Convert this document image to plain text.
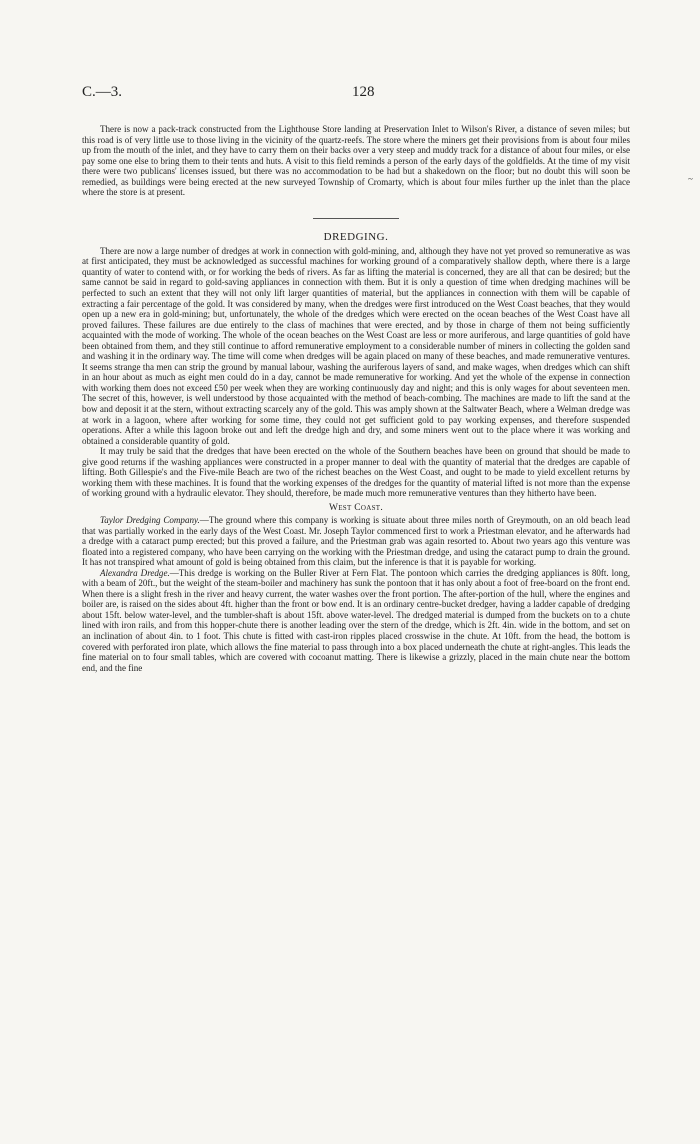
C.—3.	128

There is now a pack-track constructed from the Lighthouse Store landing at Preservation Inlet to Wilson's River, a distance of seven miles; but this road is of very little use to those living in the vicinity of the quartz-reefs. The store where the miners get their provisions from is about four miles up from the mouth of the inlet, and they have to carry them on their backs over a very steep and muddy track for a distance of about four miles, or else pay some one else to bring them to their tents and huts. A visit to this field reminds a person of the early days of the goldfields. At the time of my visit there were two publicans' licenses issued, but there was no accommodation to be had but a shakedown on the floor; but no doubt this will soon be remedied, as buildings were being erected at the new surveyed Township of Cromarty, which is about four miles further up the inlet than the place where the store is at present.

DREDGING.

There are now a large number of dredges at work in connection with gold-mining, and, although they have not yet proved so remunerative as was at first anticipated, they must be acknowledged as successful machines for working ground of a comparatively shallow depth, where there is a large quantity of water to contend with, or for working the beds of rivers. As far as lifting the material is concerned, they are all that can be desired; but the same cannot be said in regard to gold-saving appliances in connection with them. But it is only a question of time when dredging machines will be perfected to such an extent that they will not only lift larger quantities of material, but the appliances in connection with them will be capable of extracting a fair percentage of the gold. It was considered by many, when the dredges were first introduced on the West Coast beaches, that they would open up a new era in gold-mining; but, unfortunately, the whole of the dredges which were erected on the ocean beaches of the West Coast have all proved failures. These failures are due entirely to the class of machines that were erected, and by those in charge of them not being sufficiently acquainted with the mode of working. The whole of the ocean beaches on the West Coast are less or more auriferous, and large quantities of gold have been obtained from them, and they still continue to afford remunerative employment to a considerable number of miners in collecting the golden sand and washing it in the ordinary way. The time will come when dredges will be again placed on many of these beaches, and made remunerative ventures. It seems strange tha men can strip the ground by manual labour, washing the auriferous layers of sand, and make wages, when dredges which can shift in an hour about as much as eight men could do in a day, cannot be made remunerative for working. And yet the whole of the expense in connection with working them does not exceed £50 per week when they are working continuously day and night; and this is only wages for about seventeen men. The secret of this, however, is well understood by those acquainted with the method of beach-combing. The machines are made to lift the sand at the bow and deposit it at the stern, without extracting scarcely any of the gold. This was amply shown at the Saltwater Beach, where a Welman dredge was at work in a lagoon, where after working for some time, they could not get sufficient gold to pay working expenses, and therefore suspended operations. After a while this lagoon broke out and left the dredge high and dry, and some miners went out to the place where it was working and obtained a considerable quantity of gold.

It may truly be said that the dredges that have been erected on the whole of the Southern beaches have been on ground that should be made to give good returns if the washing appliances were constructed in a proper manner to deal with the quantity of material that the dredges are capable of lifting. Both Gillespie's and the Five-mile Beach are two of the richest beaches on the West Coast, and ought to be made to yield excellent returns by working them with these machines. It is found that the working expenses of the dredges for the quantity of material lifted is not more than the expense of working ground with a hydraulic elevator. They should, therefore, be made much more remunerative ventures than they hitherto have been.

West Coast.

Taylor Dredging Company.—The ground where this company is working is situate about three miles north of Greymouth, on an old beach lead that was partially worked in the early days of the West Coast. Mr. Joseph Taylor commenced first to work a Priestman elevator, and he afterwards had a dredge with a cataract pump erected; but this proved a failure, and the Priestman grab was again resorted to. About two years ago this venture was floated into a registered company, who have been carrying on the working with the Priestman dredge, and using the cataract pump to drain the ground. It has not transpired what amount of gold is being obtained from this claim, but the inference is that it is payable for working.

Alexandra Dredge.—This dredge is working on the Buller River at Fern Flat. The pontoon which carries the dredging appliances is 80ft. long, with a beam of 20ft., but the weight of the steam-boiler and machinery has sunk the pontoon that it has only about a foot of free-board on the front end. When there is a slight fresh in the river and heavy current, the water washes over the front portion. The after-portion of the hull, where the engines and boiler are, is raised on the sides about 4ft. higher than the front or bow end. It is an ordinary centre-bucket dredger, having a ladder capable of dredging about 15ft. below water-level, and the tumbler-shaft is about 15ft. above water-level. The dredged material is dumped from the buckets on to a chute lined with iron rails, and from this hopper-chute there is another leading over the stern of the dredge, which is 2ft. 4in. wide in the bottom, and set on an inclination of about 4in. to 1 foot. This chute is fitted with cast-iron ripples placed crosswise in the chute. At 10ft. from the head, the bottom is covered with perforated iron plate, which allows the fine material to pass through into a box placed underneath the chute at right-angles. This leads the fine material on to four small tables, which are covered with cocoanut matting. There is likewise a grizzly, placed in the main chute near the bottom end, and the fine

~
